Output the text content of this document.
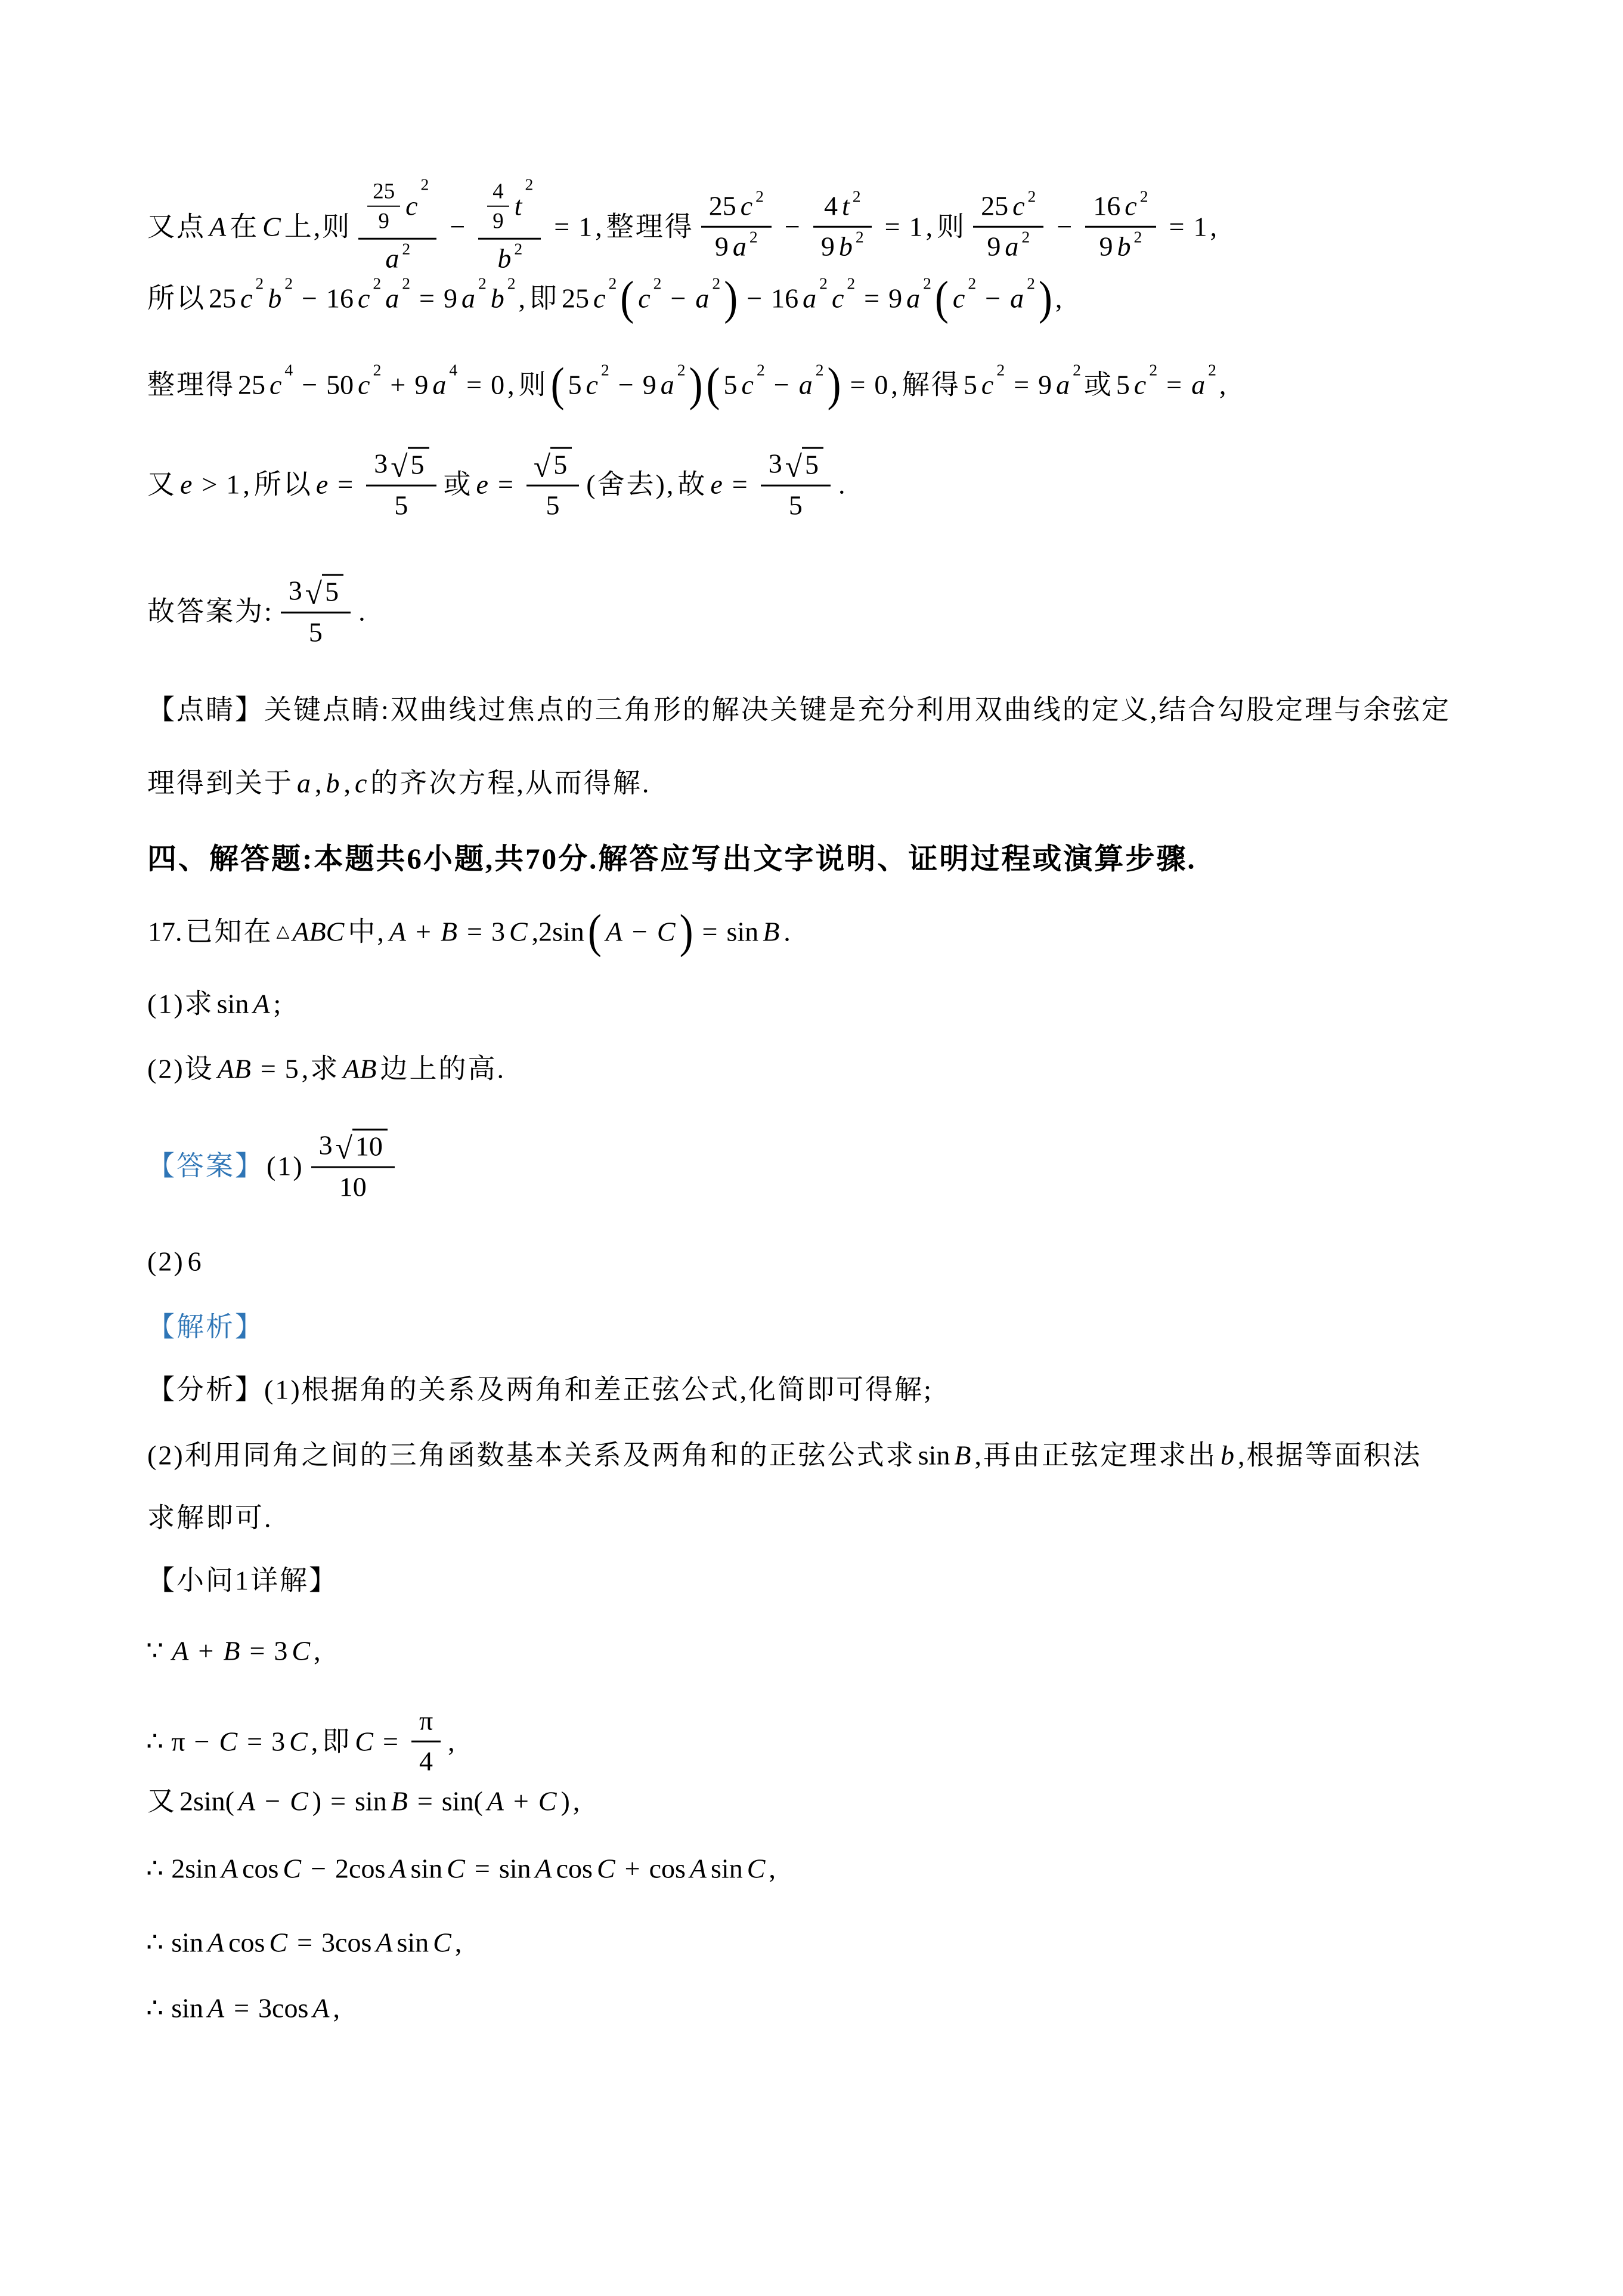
又点 A 在 C 上,则 $\frac{25}{9}$ c
2
a $2 - \frac{4}{9}$ t
2
b 2 = 1 , 整理得 $\frac{25 c 2}{9 a 2} - \frac{4 t 2}{9 b 2} = 1$ , 则 $\frac{25 c 2}{9 a 2} - \frac{16 c 2}{9 b 2} = 1$ ,
所以 25 c 2 b 2 − 16 c 2 a 2 = 9 a 2 b 2 , 即 25 c 2 ( c 2 − a 2 ) − 16 a 2 c 2 = 9 a 2 ( c 2 − a 2 ) ,
整理得 25 c 4 − 50 c 2 + 9 a 4 = 0 , 则 ( 5 c 2 − 9 a 2 ) ( 5 c 2 − a 2 ) = 0 , 解得 5 c 2 = 9 a 2 或 5 c 2 = a 2 ,
又 e > 1 , 所以 $e = \frac{3 √ 5}{5}$ 或 $e = \frac{√ 5}{5}$ (舍去), 故 $e = \frac{3 √ 5}{5}$ .
故答案为: $\frac{3 √ 5}{5}$ .
【点睛】关键点睛:双曲线过焦点的三角形的解决关键是充分利用双曲线的定义,结合勾股定理与余弦定
理得到关于 a , b , c 的齐次方程,从而得解.
四、解答题:本题共6小题,共70分.解答应写出文字说明、证明过程或演算步骤.
17. 已知在 △ ABC 中, A + B = 3 C ,2sin ( A − C ) = sin B .
(1)求 sin A ;
(2)设 AB = 5 ,求 AB 边上的高.
【答案】 $(1) \frac{3 √ 10}{10}$
(2) 6
【解析】
【分析】(1)根据角的关系及两角和差正弦公式,化简即可得解;
(2)利用同角之间的三角函数基本关系及两角和的正弦公式求 sin B ,再由正弦定理求出 b ,根据等面积法
求解即可.
【小问1详解】
∵ A + B = 3 C ,
∴ π − C = 3 C , 即 $C = \frac{\pi}{4}$ ,
又 2sin( A − C ) = sin B = sin( A + C ) ,
∴ 2sin A cos C − 2cos A sin C = sin A cos C + cos A sin C ,
∴ sin A cos C = 3cos A sin C ,
∴ sin A = 3cos A ,
